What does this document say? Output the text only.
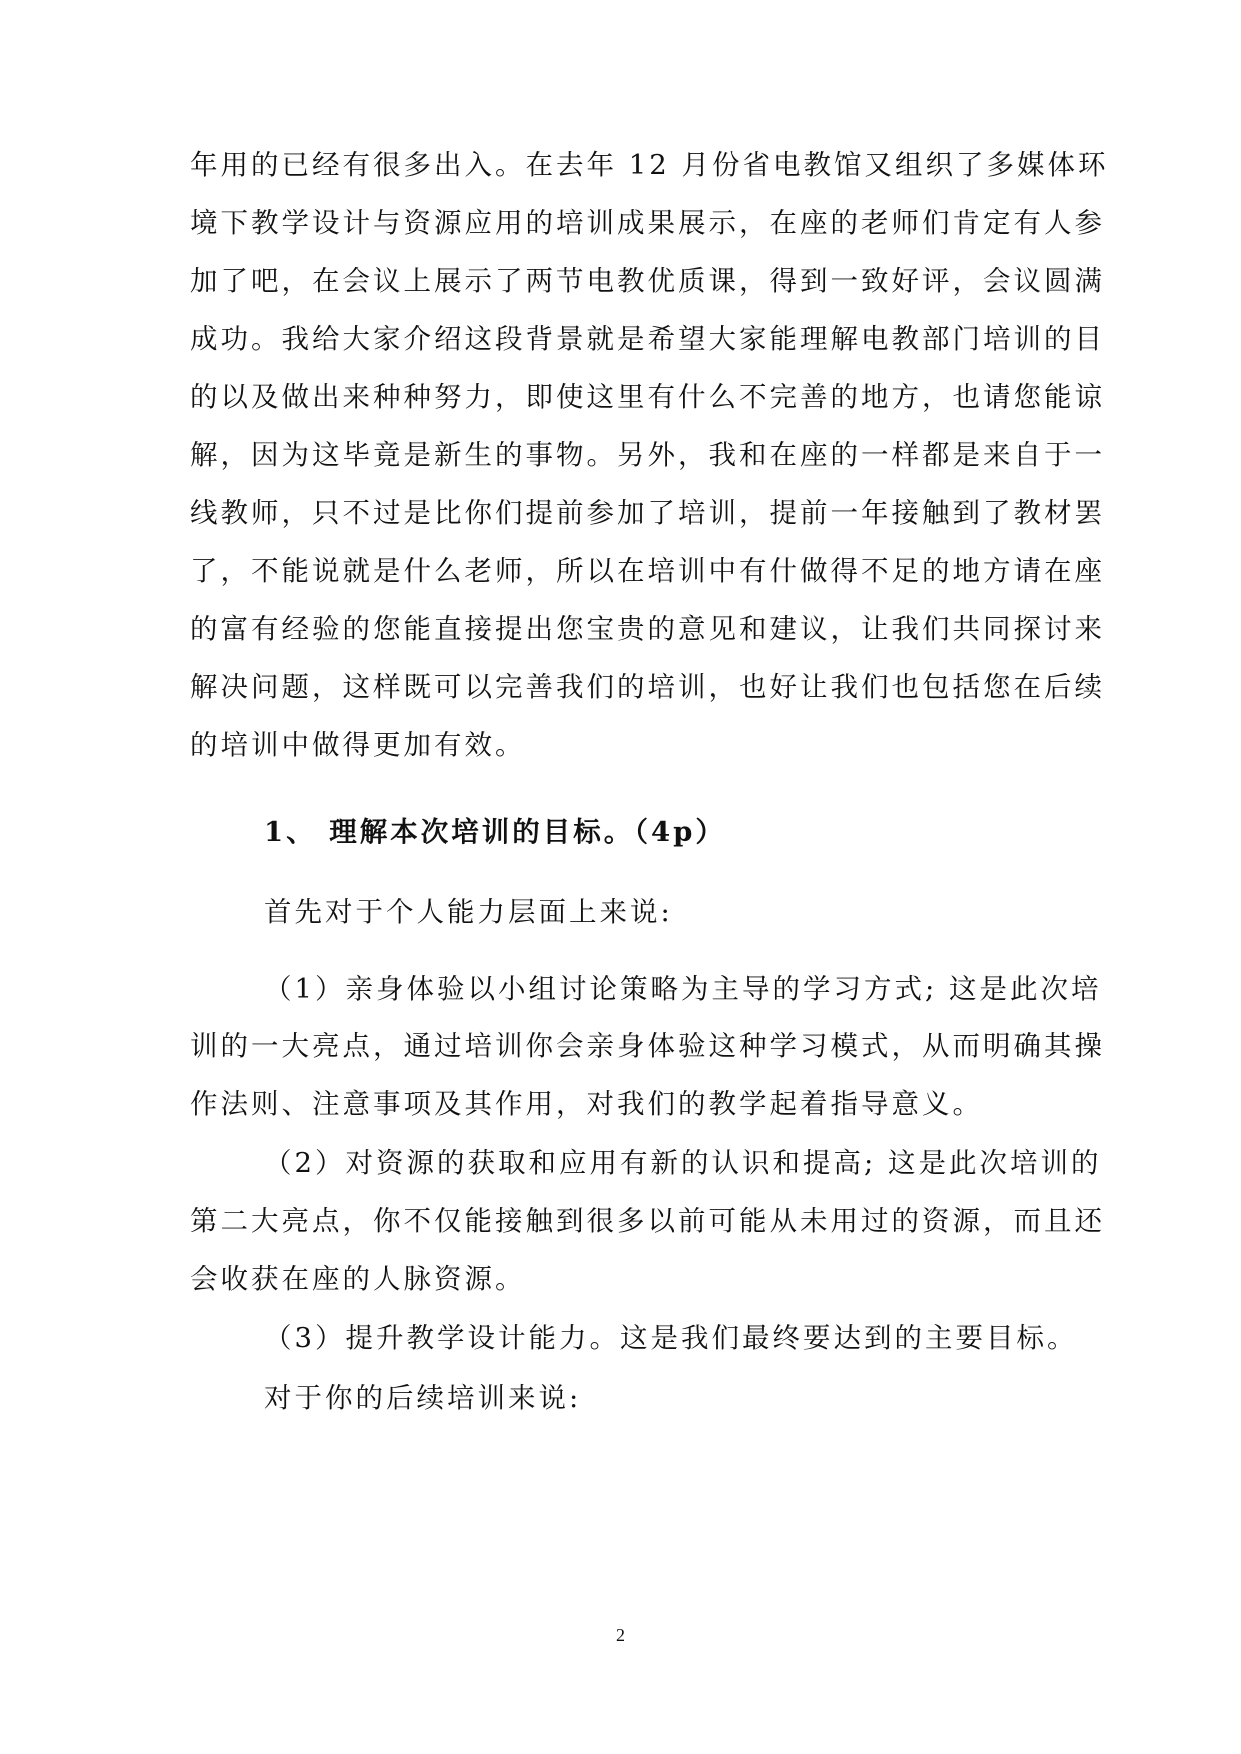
年用的已经有很多出入。在去年 12 月份省电教馆又组织了多媒体环
境下教学设计与资源应用的培训成果展示，在座的老师们肯定有人参
加了吧，在会议上展示了两节电教优质课，得到一致好评，会议圆满
成功。我给大家介绍这段背景就是希望大家能理解电教部门培训的目
的以及做出来种种努力，即使这里有什么不完善的地方，也请您能谅
解，因为这毕竟是新生的事物。另外，我和在座的一样都是来自于一
线教师，只不过是比你们提前参加了培训，提前一年接触到了教材罢
了，不能说就是什么老师，所以在培训中有什做得不足的地方请在座
的富有经验的您能直接提出您宝贵的意见和建议，让我们共同探讨来
解决问题，这样既可以完善我们的培训，也好让我们也包括您在后续
的培训中做得更加有效。
1、 理解本次培训的目标。（4p）
首先对于个人能力层面上来说:
（1）亲身体验以小组讨论策略为主导的学习方式; 这是此次培
训的一大亮点，通过培训你会亲身体验这种学习模式，从而明确其操
作法则、注意事项及其作用，对我们的教学起着指导意义。
（2）对资源的获取和应用有新的认识和提高; 这是此次培训的
第二大亮点，你不仅能接触到很多以前可能从未用过的资源，而且还
会收获在座的人脉资源。
（3）提升教学设计能力。这是我们最终要达到的主要目标。
对于你的后续培训来说:
2
